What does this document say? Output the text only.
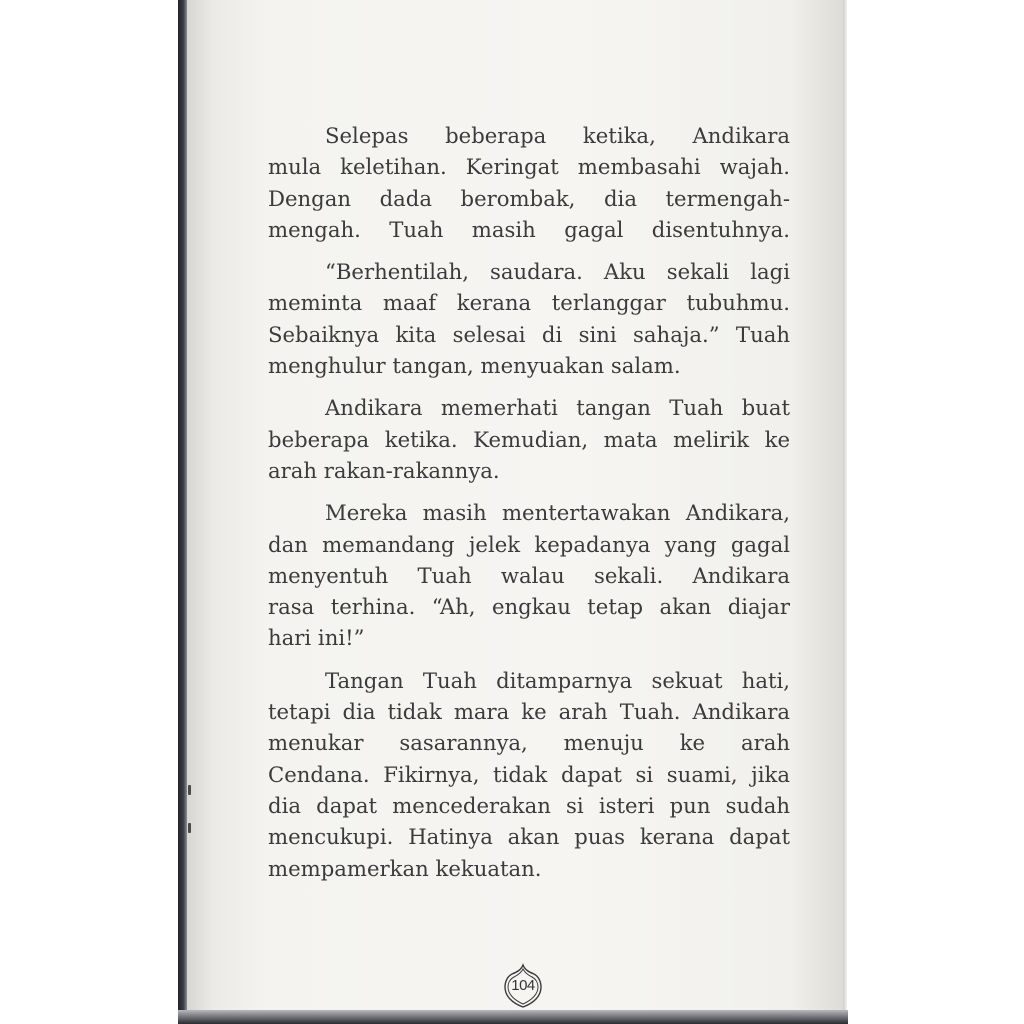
Selepas beberapa ketika, Andikara
mula keletihan. Keringat membasahi wajah.
Dengan dada berombak, dia termengah-
mengah. Tuah masih gagal disentuhnya.
“Berhentilah, saudara. Aku sekali lagi
meminta maaf kerana terlanggar tubuhmu.
Sebaiknya kita selesai di sini sahaja.” Tuah
menghulur tangan, menyuakan salam.
Andikara memerhati tangan Tuah buat
beberapa ketika. Kemudian, mata melirik ke
arah rakan-rakannya.
Mereka masih mentertawakan Andikara,
dan memandang jelek kepadanya yang gagal
menyentuh Tuah walau sekali. Andikara
rasa terhina. “Ah, engkau tetap akan diajar
hari ini!”
Tangan Tuah ditamparnya sekuat hati,
tetapi dia tidak mara ke arah Tuah. Andikara
menukar sasarannya, menuju ke arah
Cendana. Fikirnya, tidak dapat si suami, jika
dia dapat mencederakan si isteri pun sudah
mencukupi. Hatinya akan puas kerana dapat
mempamerkan kekuatan.
104
